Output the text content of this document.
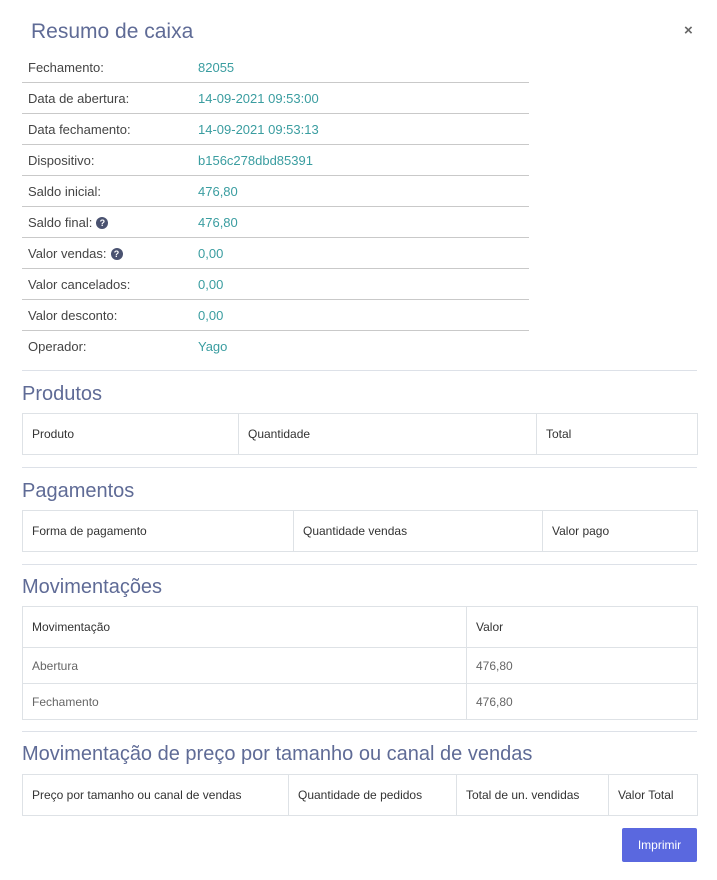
Resumo de caixa	×
Fechamento:	82055
Data de abertura:	14-09-2021 09:53:00
Data fechamento:	14-09-2021 09:53:13
Dispositivo:	b156c278dbd85391
Saldo inicial:	476,80
Saldo final: ?	476,80
Valor vendas: ?	0,00
Valor cancelados:	0,00
Valor desconto:	0,00
Operador:	Yago
Produtos
Produto	Quantidade	Total
Pagamentos
Forma de pagamento	Quantidade vendas	Valor pago
Movimentações
Movimentação	Valor
Abertura	476,80
Fechamento	476,80
Movimentação de preço por tamanho ou canal de vendas
Preço por tamanho ou canal de vendas	Quantidade de pedidos	Total de un. vendidas	Valor Total
Imprimir
